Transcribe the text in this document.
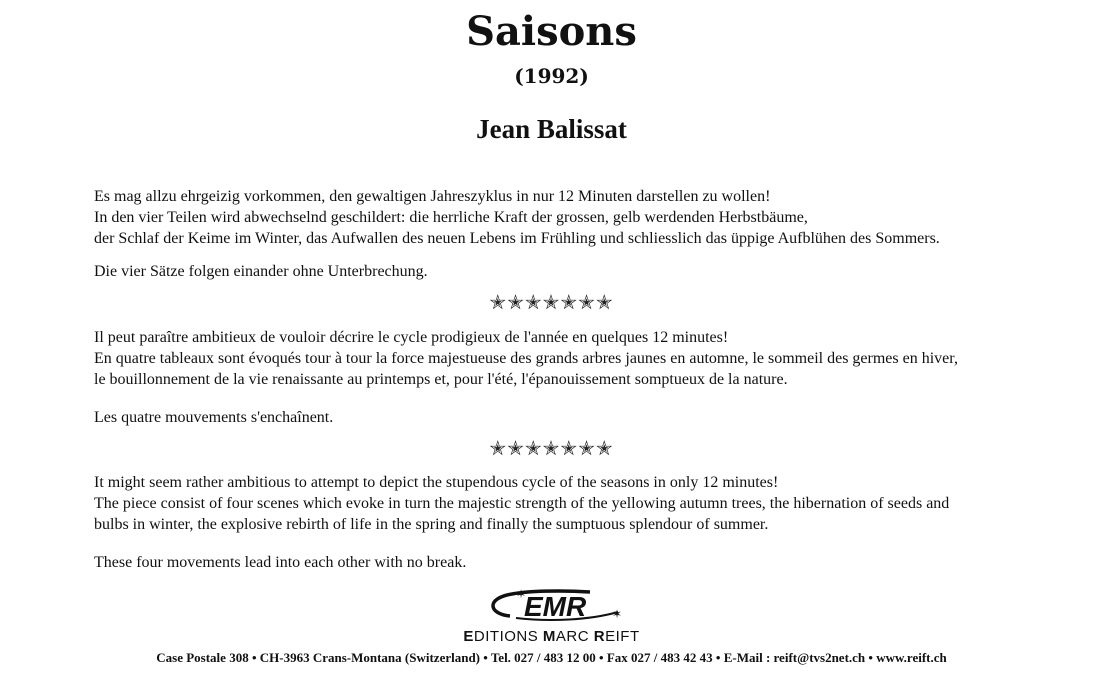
Saisons
(1992)
Jean Balissat
Es mag allzu ehrgeizig vorkommen, den gewaltigen Jahreszyklus in nur 12 Minuten darstellen zu wollen!
In den vier Teilen wird abwechselnd geschildert: die herrliche Kraft der grossen, gelb werdenden Herbstbäume,
der Schlaf der Keime im Winter, das Aufwallen des neuen Lebens im Frühling und schliesslich das üppige Aufblühen des Sommers.
Die vier Sätze folgen einander ohne Unterbrechung.
✭✭✭✭✭✭✭
Il peut paraître ambitieux de vouloir décrire le cycle prodigieux de l'année en quelques 12 minutes!
En quatre tableaux sont évoqués tour à tour la force majestueuse des grands arbres jaunes en automne, le sommeil des germes en hiver,
le bouillonnement de la vie renaissante au printemps et, pour l'été, l'épanouissement somptueux de la nature.
Les quatre mouvements s'enchaînent.
✭✭✭✭✭✭✭
It might seem rather ambitious to attempt to depict the stupendous cycle of the seasons in only 12 minutes!
The piece consist of four scenes which evoke in turn the majestic strength of the yellowing autumn trees, the hibernation of seeds and
bulbs in winter, the explosive rebirth of life in the spring and finally the sumptuous splendour of summer.
These four movements lead into each other with no break.
EMR
✶
✶
EDITIONS MARC REIFT
Case Postale 308 • CH-3963 Crans-Montana (Switzerland) • Tel. 027 / 483 12 00 • Fax 027 / 483 42 43 • E-Mail : reift@tvs2net.ch • www.reift.ch
